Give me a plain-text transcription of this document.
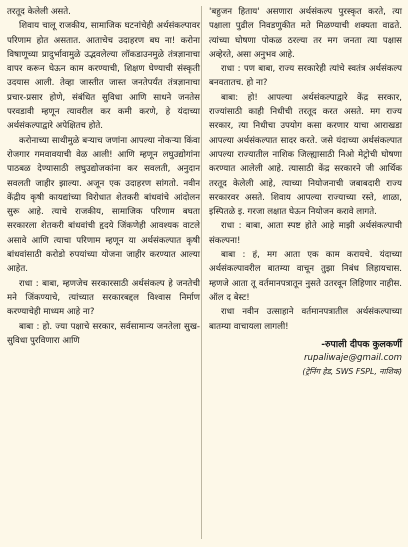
तरतूद केलेली असते.

शिवाय चालू राजकीय, सामाजिक घटनांचेही अर्थसंकल्पावर परिणाम होत असतात. आताचेच उदाहरण बघ ना! करोना विषाणूच्या प्रादुर्भावामुळे उद्भवलेल्या लॉकडाउनमुळे तंत्रज्ञानाचा वापर करून घेऊन काम करण्याची, शिक्षण घेण्याची संस्कृती उदयास आली. तेव्हा जास्तीत जास्त जनतेपर्यंत तंत्रज्ञानाचा प्रचार-प्रसार होणे, संबंधित सुविधा आणि साधने जनतेस परवडावी म्हणून त्यावरील कर कमी करणे, हे यंदाच्या अर्थसंकल्पाद्वारे अपेक्षितच होते.

करोनाच्या साथीमुळे बऱ्याच जणांना आपल्या नोकऱ्या किंवा रोजगार गमवावयाची वेळ आली! आणि म्हणून लघुउद्योगांना पाठबळ देण्यासाठी लघुउद्योजकांना कर सवलती, अनुदान सवलती जाहीर झाल्या. अजून एक उदाहरण सांगतो. नवीन केंद्रीय कृषी कायद्यांच्या विरोधात शेतकरी बांधवांचे आंदोलन सुरू आहे. त्याचे राजकीय, सामाजिक परिणाम बघता सरकारला शेतकरी बांधवांची हृदये जिंकणेही आवश्यक वाटले असावे आणि त्याचा परिणाम म्हणून या अर्थसंकल्पात कृषी बांधवांसाठी करोडो रुपयांच्या योजना जाहीर करण्यात आल्या आहेत.

राधा : बाबा, म्हणजेच सरकारसाठी अर्थसंकल्प हे जनतेची मने जिंकण्याचे, त्यांच्यात सरकारबद्दल विश्वास निर्माण करण्याचेही माध्यम आहे ना?

बाबा : हो. ज्या पक्षाचे सरकार, सर्वसामान्य जनतेला सुख-सुविधा पुरविणारा आणि

'बहुजन हिताय' असणारा अर्थसंकल्प पुरस्कृत करते, त्या पक्षाला पुढील निवडणुकीत मते मिळण्याची शक्यता वाढते. त्यांच्या घोषणा पोकळ ठरल्या तर मग जनता त्या पक्षास अव्हेरते, असा अनुभव आहे.

राधा : पण बाबा, राज्य सरकारेही त्यांचे स्वतंत्र अर्थसंकल्प बनवतातच. हो ना?

बाबा: हो! आपल्या अर्थसंकल्पाद्वारे केंद्र सरकार, राज्यांसाठी काही निधीची तरतूद करत असते. मग राज्य सरकार, त्या निधीचा उपयोग कसा करणार याचा आराखडा आपल्या अर्थसंकल्पात सादर करते. जसे यंदाच्या अर्थसंकल्पात आपल्या राज्यातील नाशिक जिल्ह्यासाठी निओ मेट्रोची घोषणा करण्यात आलेली आहे. त्यासाठी केंद्र सरकारने जी आर्थिक तरतूद केलेली आहे, त्याच्या नियोजनाची जबाबदारी राज्य सरकारवर असते. शिवाय आपल्या राज्याच्या रस्ते, शाळा, इस्पितळे इ. गरजा लक्षात घेऊन नियोजन करावे लागते.

राधा : बाबा, आता स्पष्ट होते आहे माझी अर्थसंकल्पाची संकल्पना!

बाबा : हं, मग आता एक काम करायचे. यंदाच्या अर्थसंकल्पावरील बातम्या वाचून तुझा निबंध लिहायचास. म्हणजे आता तू वर्तमानपत्रातून नुसते उतरवून लिहिणार नाहीस. ऑल द बेस्ट!

राधा नवीन उत्साहाने वर्तमानपत्रातील अर्थसंकल्पाच्या बातम्या वाचायला लागली!

-रुपाली दीपक कुलकर्णी
rupaliwaje@gmail.com
(ट्रेनिंग हेड, SWS FSPL, नाशिक)
